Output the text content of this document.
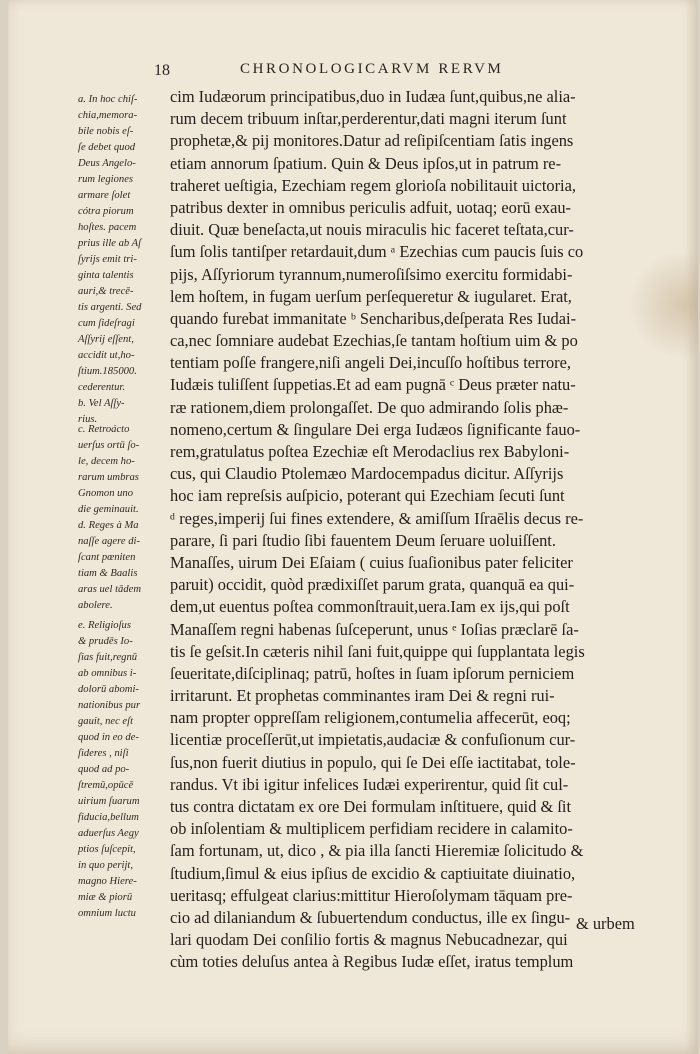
18	CHRONOLOGICARVM RERVM
a. In hoc chiſ-
chia,memora-
bile nobis eſ-
ſe debet quod
Deus Angelo-
rum legiones
armare ſolet
cótra piorum
hoſtes. pacem
prius ille ab Aſ
ſyrijs emit tri-
ginta talentis
auri,& trecē-
tis argenti. Sed
cum ſideſragi
Aſſyrij eſſent,
accidit ut,ho-
ſtium.185000.
cederentur.
b. Vel Aſſy-
rius.
c. Retroácto
uerſus ortū ſo-
le, decem ho-
rarum umbras
Gnomon uno
die geminauit.
d. Reges à Ma
naſſe agere di-
ſcant pœniten
tiam & Baalis
aras uel tādem
abolere.
e. Religioſus
& prudēs Io-
ſias fuit,regnū
ab omnibus i-
dolorū abomi-
nationibus pur
gauit, nec eſt
quod in eo de-
ſideres , niſi
quod ad po-
ſtremū,opūcē
uirium ſuarum
fiducia,bellum
aduerſus Aegy
ptios ſuſcepit,
in quo perijt,
magno Hiere-
miæ & piorū
omnium luctu
cim Iudæorum principatibus,duo in Iudæa ſunt,quibus,ne alia-
rum decem tribuum inſtar,perderentur,dati magni iterum ſunt
prophetæ,& pij monitores.Datur ad reſipiſcentiam ſatis ingens
etiam annorum ſpatium. Quin & Deus ipſos,ut in patrum re-
traheret ueſtigia, Ezechiam regem glorioſa nobilitauit uictoria,
patribus dexter in omnibus periculis adfuit, uotaq; eorū exau-
diuit. Quæ beneſacta,ut nouis miraculis hic faceret teſtata,cur-
ſum ſolis tantiſper retardauit,dum ᵃ Ezechias cum paucis ſuis co
pijs, Aſſyriorum tyrannum,numeroſiſsimo exercitu formidabi-
lem hoſtem, in fugam uerſum perſequeretur & iugularet. Erat,
quando furebat immanitate ᵇ Sencharibus,deſperata Res Iudai-
ca,nec ſomniare audebat Ezechias,ſe tantam hoſtium uim & po
tentiam poſſe frangere,niſi angeli Dei,incuſſo hoſtibus terrore,
Iudæis tuliſſent ſuppetias.Et ad eam pugnā ᶜ Deus præter natu-
ræ rationem,diem prolongaſſet. De quo admirando ſolis phæ-
nomeno,certum & ſingulare Dei erga Iudæos ſignificante fauo-
rem,gratulatus poſtea Ezechiæ eſt Merodaclius rex Babyloni-
cus, qui Claudio Ptolemæo Mardocempadus dicitur. Aſſyrijs
hoc iam repreſsis auſpicio, poterant qui Ezechiam ſecuti ſunt
ᵈ reges,imperij ſui fines extendere, & amiſſum Iſraēlis decus re-
parare, ſi pari ſtudio ſibi fauentem Deum ſeruare uoluiſſent.
Manaſſes, uirum Dei Eſaiam ( cuius ſuaſionibus pater feliciter
paruit) occidit, quòd prædixiſſet parum grata, quanquā ea qui-
dem,ut euentus poſtea commonſtrauit,uera.Iam ex ijs,qui poſt
Manaſſem regni habenas ſuſceperunt, unus ᵉ Ioſias præclarē ſa-
tis ſe geſsit.In cæteris nihil ſani fuit,quippe qui ſupplantata legis
ſeueritate,diſciplinaq; patrū, hoſtes in ſuam ipſorum perniciem
irritarunt. Et prophetas comminantes iram Dei & regni rui-
nam propter oppreſſam religionem,contumelia affecerūt, eoq;
licentiæ proceſſerūt,ut impietatis,audaciæ & confuſionum cur-
ſus,non fuerit diutius in populo, qui ſe Dei eſſe iactitabat, tole-
randus. Vt ibi igitur infelices Iudæi experirentur, quid ſit cul-
tus contra dictatam ex ore Dei formulam inſtituere, quid & ſit
ob inſolentiam & multiplicem perfidiam recidere in calamito-
ſam fortunam, ut, dico , & pia illa ſancti Hieremiæ ſolicitudo &
ſtudium,ſimul & eius ipſius de excidio & captiuitate diuinatio,
ueritasq; effulgeat clarius:mittitur Hieroſolymam tāquam pre-
cio ad dilaniandum & ſubuertendum conductus, ille ex ſingu-
lari quodam Dei conſilio fortis & magnus Nebucadnezar, qui
cùm toties deluſus antea à Regibus Iudæ eſſet, iratus templum
& urbem
